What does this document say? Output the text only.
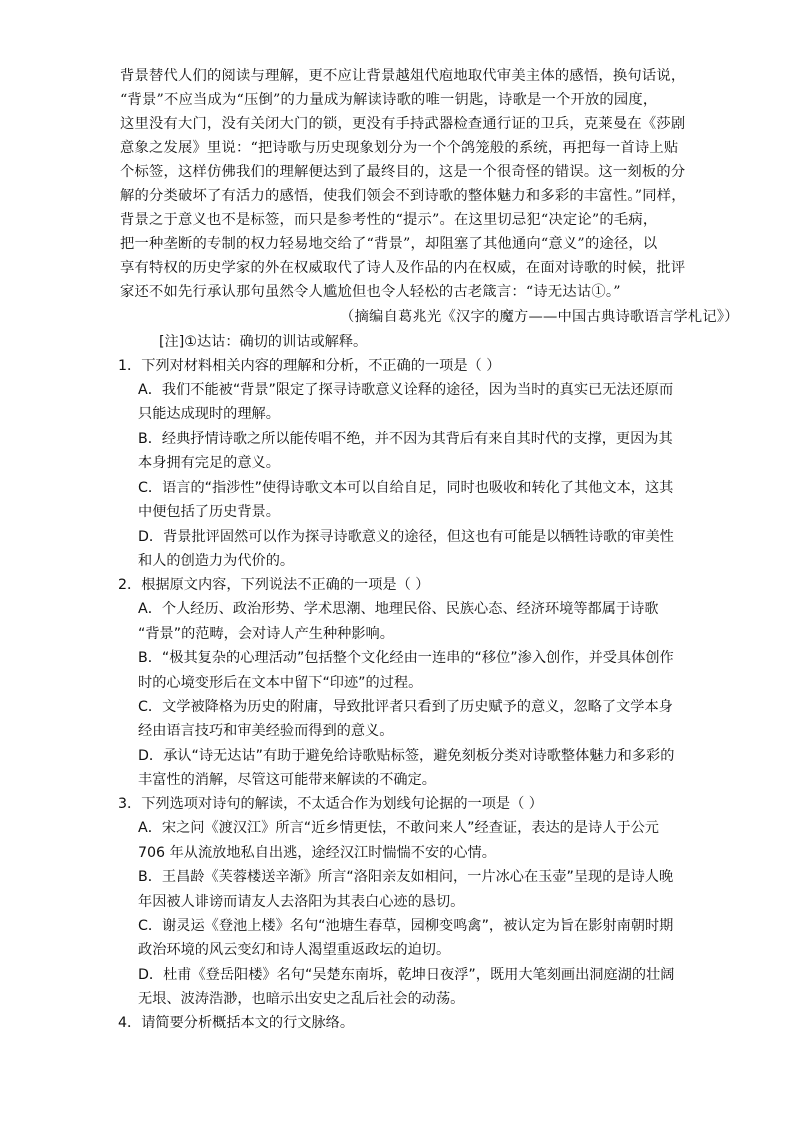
背景替代人们的阅读与理解，更不应让背景越俎代庖地取代审美主体的感悟，换句话说，
“背景”不应当成为“压倒”的力量成为解读诗歌的唯一钥匙，诗歌是一个开放的园度，
这里没有大门，没有关闭大门的锁，更没有手持武器检查通行证的卫兵，克莱曼在《莎剧
意象之发展》里说：“把诗歌与历史现象划分为一个个鸽笼般的系统，再把每一首诗上贴
个标签，这样仿佛我们的理解便达到了最终目的，这是一个很奇怪的错误。这一刻板的分
解的分类破坏了有活力的感悟，使我们领会不到诗歌的整体魅力和多彩的丰富性。”同样，
背景之于意义也不是标签，而只是参考性的“提示”。在这里切忌犯“决定论”的毛病，
把一种垄断的专制的权力轻易地交给了“背景”，却阻塞了其他通向“意义”的途径，以
享有特权的历史学家的外在权威取代了诗人及作品的内在权威，在面对诗歌的时候，批评
家还不如先行承认那句虽然令人尴尬但也令人轻松的古老箴言：“诗无达诂①。”
（摘编自葛兆光《汉字的魔方——中国古典诗歌语言学札记》）
[注]①达诂：确切的训诂或解释。
1．下列对材料相关内容的理解和分析，不正确的一项是（ ）
A．我们不能被“背景”限定了探寻诗歌意义诠释的途径，因为当时的真实已无法还原而
只能达成现时的理解。
B．经典抒情诗歌之所以能传唱不绝，并不因为其背后有来自其时代的支撑，更因为其
本身拥有完足的意义。
C．语言的“指涉性”使得诗歌文本可以自给自足，同时也吸收和转化了其他文本，这其
中便包括了历史背景。
D．背景批评固然可以作为探寻诗歌意义的途径，但这也有可能是以牺牲诗歌的审美性
和人的创造力为代价的。
2．根据原文内容，下列说法不正确的一项是（ ）
A．个人经历、政治形势、学术思潮、地理民俗、民族心态、经济环境等都属于诗歌
“背景”的范畴，会对诗人产生种种影响。
B．“极其复杂的心理活动”包括整个文化经由一连串的“移位”渗入创作，并受具体创作
时的心境变形后在文本中留下“印迹”的过程。
C．文学被降格为历史的附庸，导致批评者只看到了历史赋予的意义，忽略了文学本身
经由语言技巧和审美经验而得到的意义。
D．承认“诗无达诂”有助于避免给诗歌贴标签，避免刻板分类对诗歌整体魅力和多彩的
丰富性的消解，尽管这可能带来解读的不确定。
3．下列选项对诗句的解读，不太适合作为划线句论据的一项是（ ）
A．宋之问《渡汉江》所言“近乡情更怯，不敢问来人”经查证，表达的是诗人于公元
706 年从流放地私自出逃，途经汉江时惴惴不安的心情。
B．王昌龄《芙蓉楼送辛渐》所言“洛阳亲友如相问，一片冰心在玉壶”呈现的是诗人晚
年因被人诽谤而请友人去洛阳为其表白心迹的恳切。
C．谢灵运《登池上楼》名句“池塘生春草，园柳变鸣禽”，被认定为旨在影射南朝时期
政治环境的风云变幻和诗人渴望重返政坛的迫切。
D．杜甫《登岳阳楼》名句“吴楚东南坼，乾坤日夜浮”，既用大笔刻画出洞庭湖的壮阔
无垠、波涛浩渺，也暗示出安史之乱后社会的动荡。
4．请简要分析概括本文的行文脉络。
